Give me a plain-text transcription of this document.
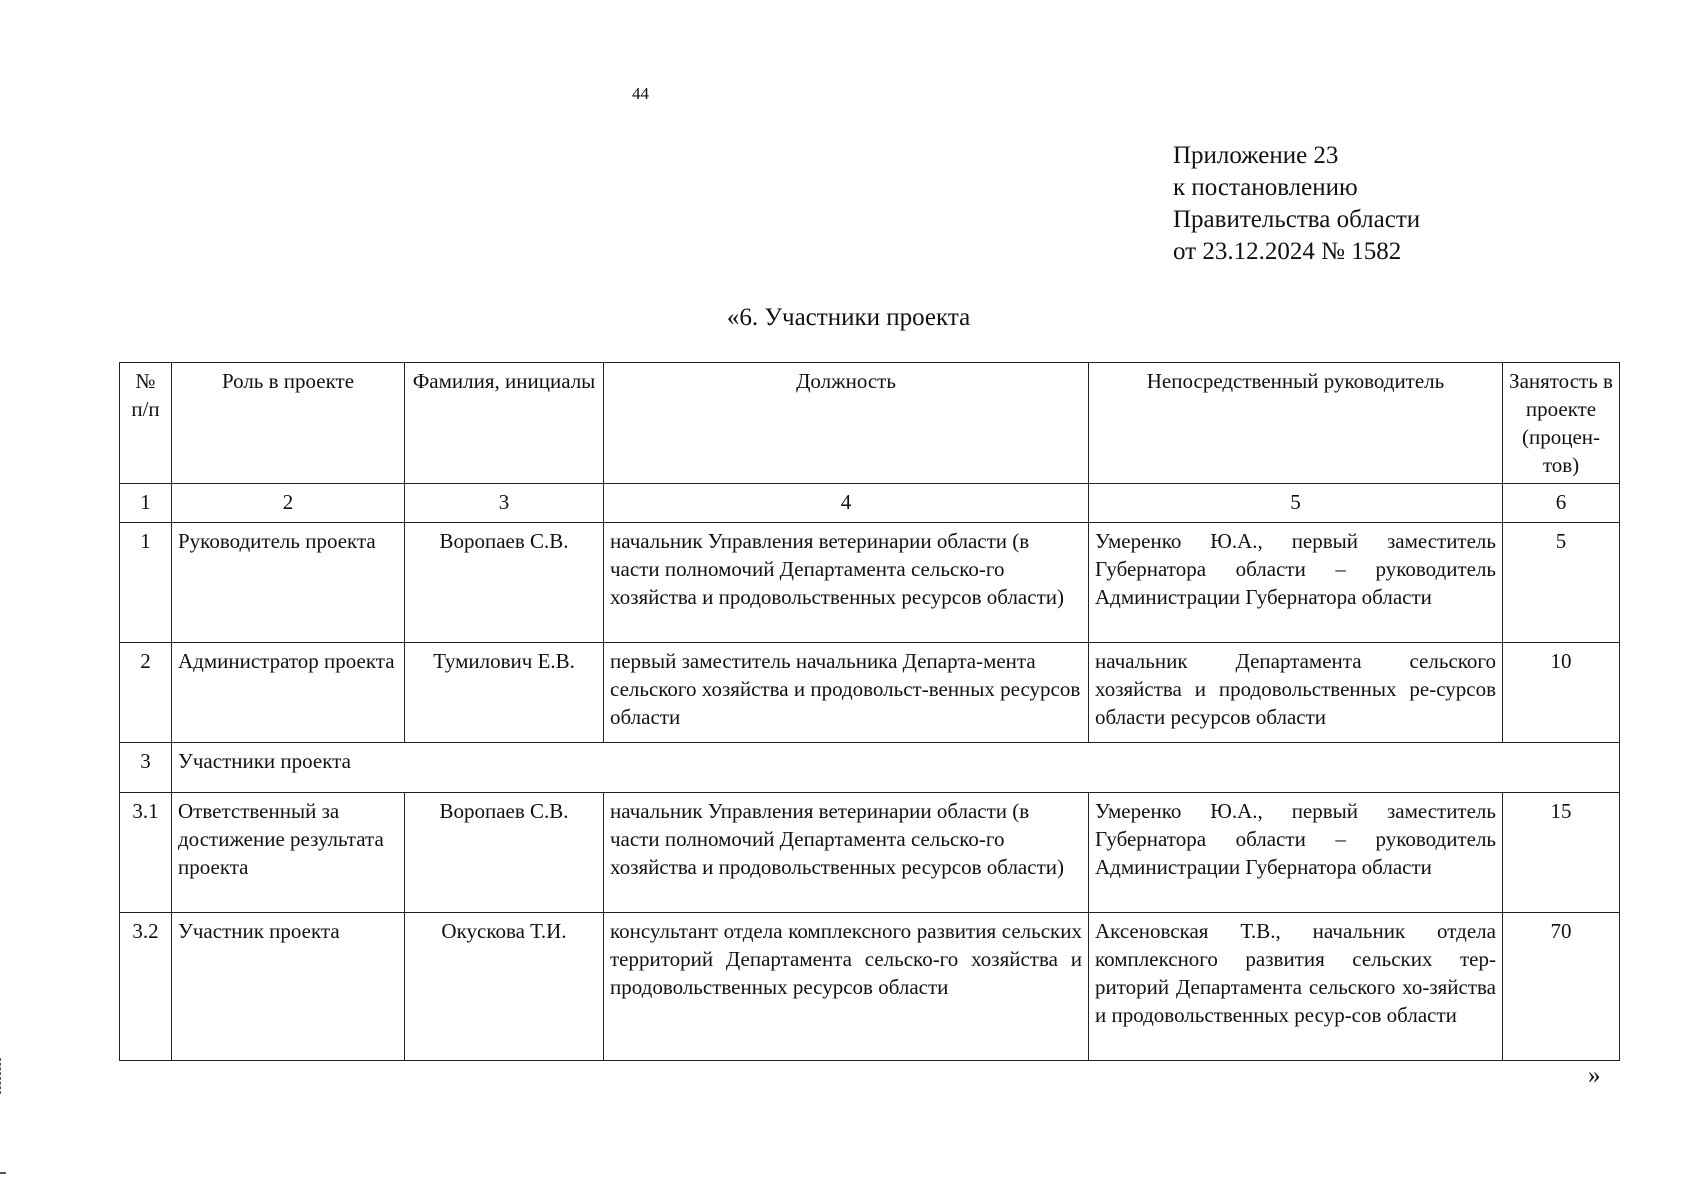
44
Приложение 23
к постановлению
Правительства области
от 23.12.2024 № 1582
«6. Участники проекта
№ п/п	Роль в проекте	Фамилия, инициалы	Должность	Непосредственный руководитель	Занятость в проекте (процен-тов)
1	2	3	4	5	6
1	Руководитель проекта	Воропаев С.В.	начальник Управления ветеринарии области (в части полномочий Департамента сельско-го хозяйства и продовольственных ресурсов области)	Умеренко Ю.А., первый заместитель Губернатора области – руководитель Администрации Губернатора области	5
2	Администратор проекта	Тумилович Е.В.	первый заместитель начальника Департа-мента сельского хозяйства и продовольст-венных ресурсов области	начальник Департамента сельского хозяйства и продовольственных ре-сурсов области ресурсов области	10
3	Участники проекта				
3.1	Ответственный за достижение результата проекта	Воропаев С.В.	начальник Управления ветеринарии области (в части полномочий Департамента сельско-го хозяйства и продовольственных ресурсов области)	Умеренко Ю.А., первый заместитель Губернатора области – руководитель Администрации Губернатора области	15
3.2	Участник проекта	Окускова Т.И.	консультант отдела комплексного развития сельских территорий Департамента сельско-го хозяйства и продовольственных ресурсов области	Аксеновская Т.В., начальник отдела комплексного развития сельских тер-риторий Департамента сельского хо-зяйства и продовольственных ресур-сов области	70
»
